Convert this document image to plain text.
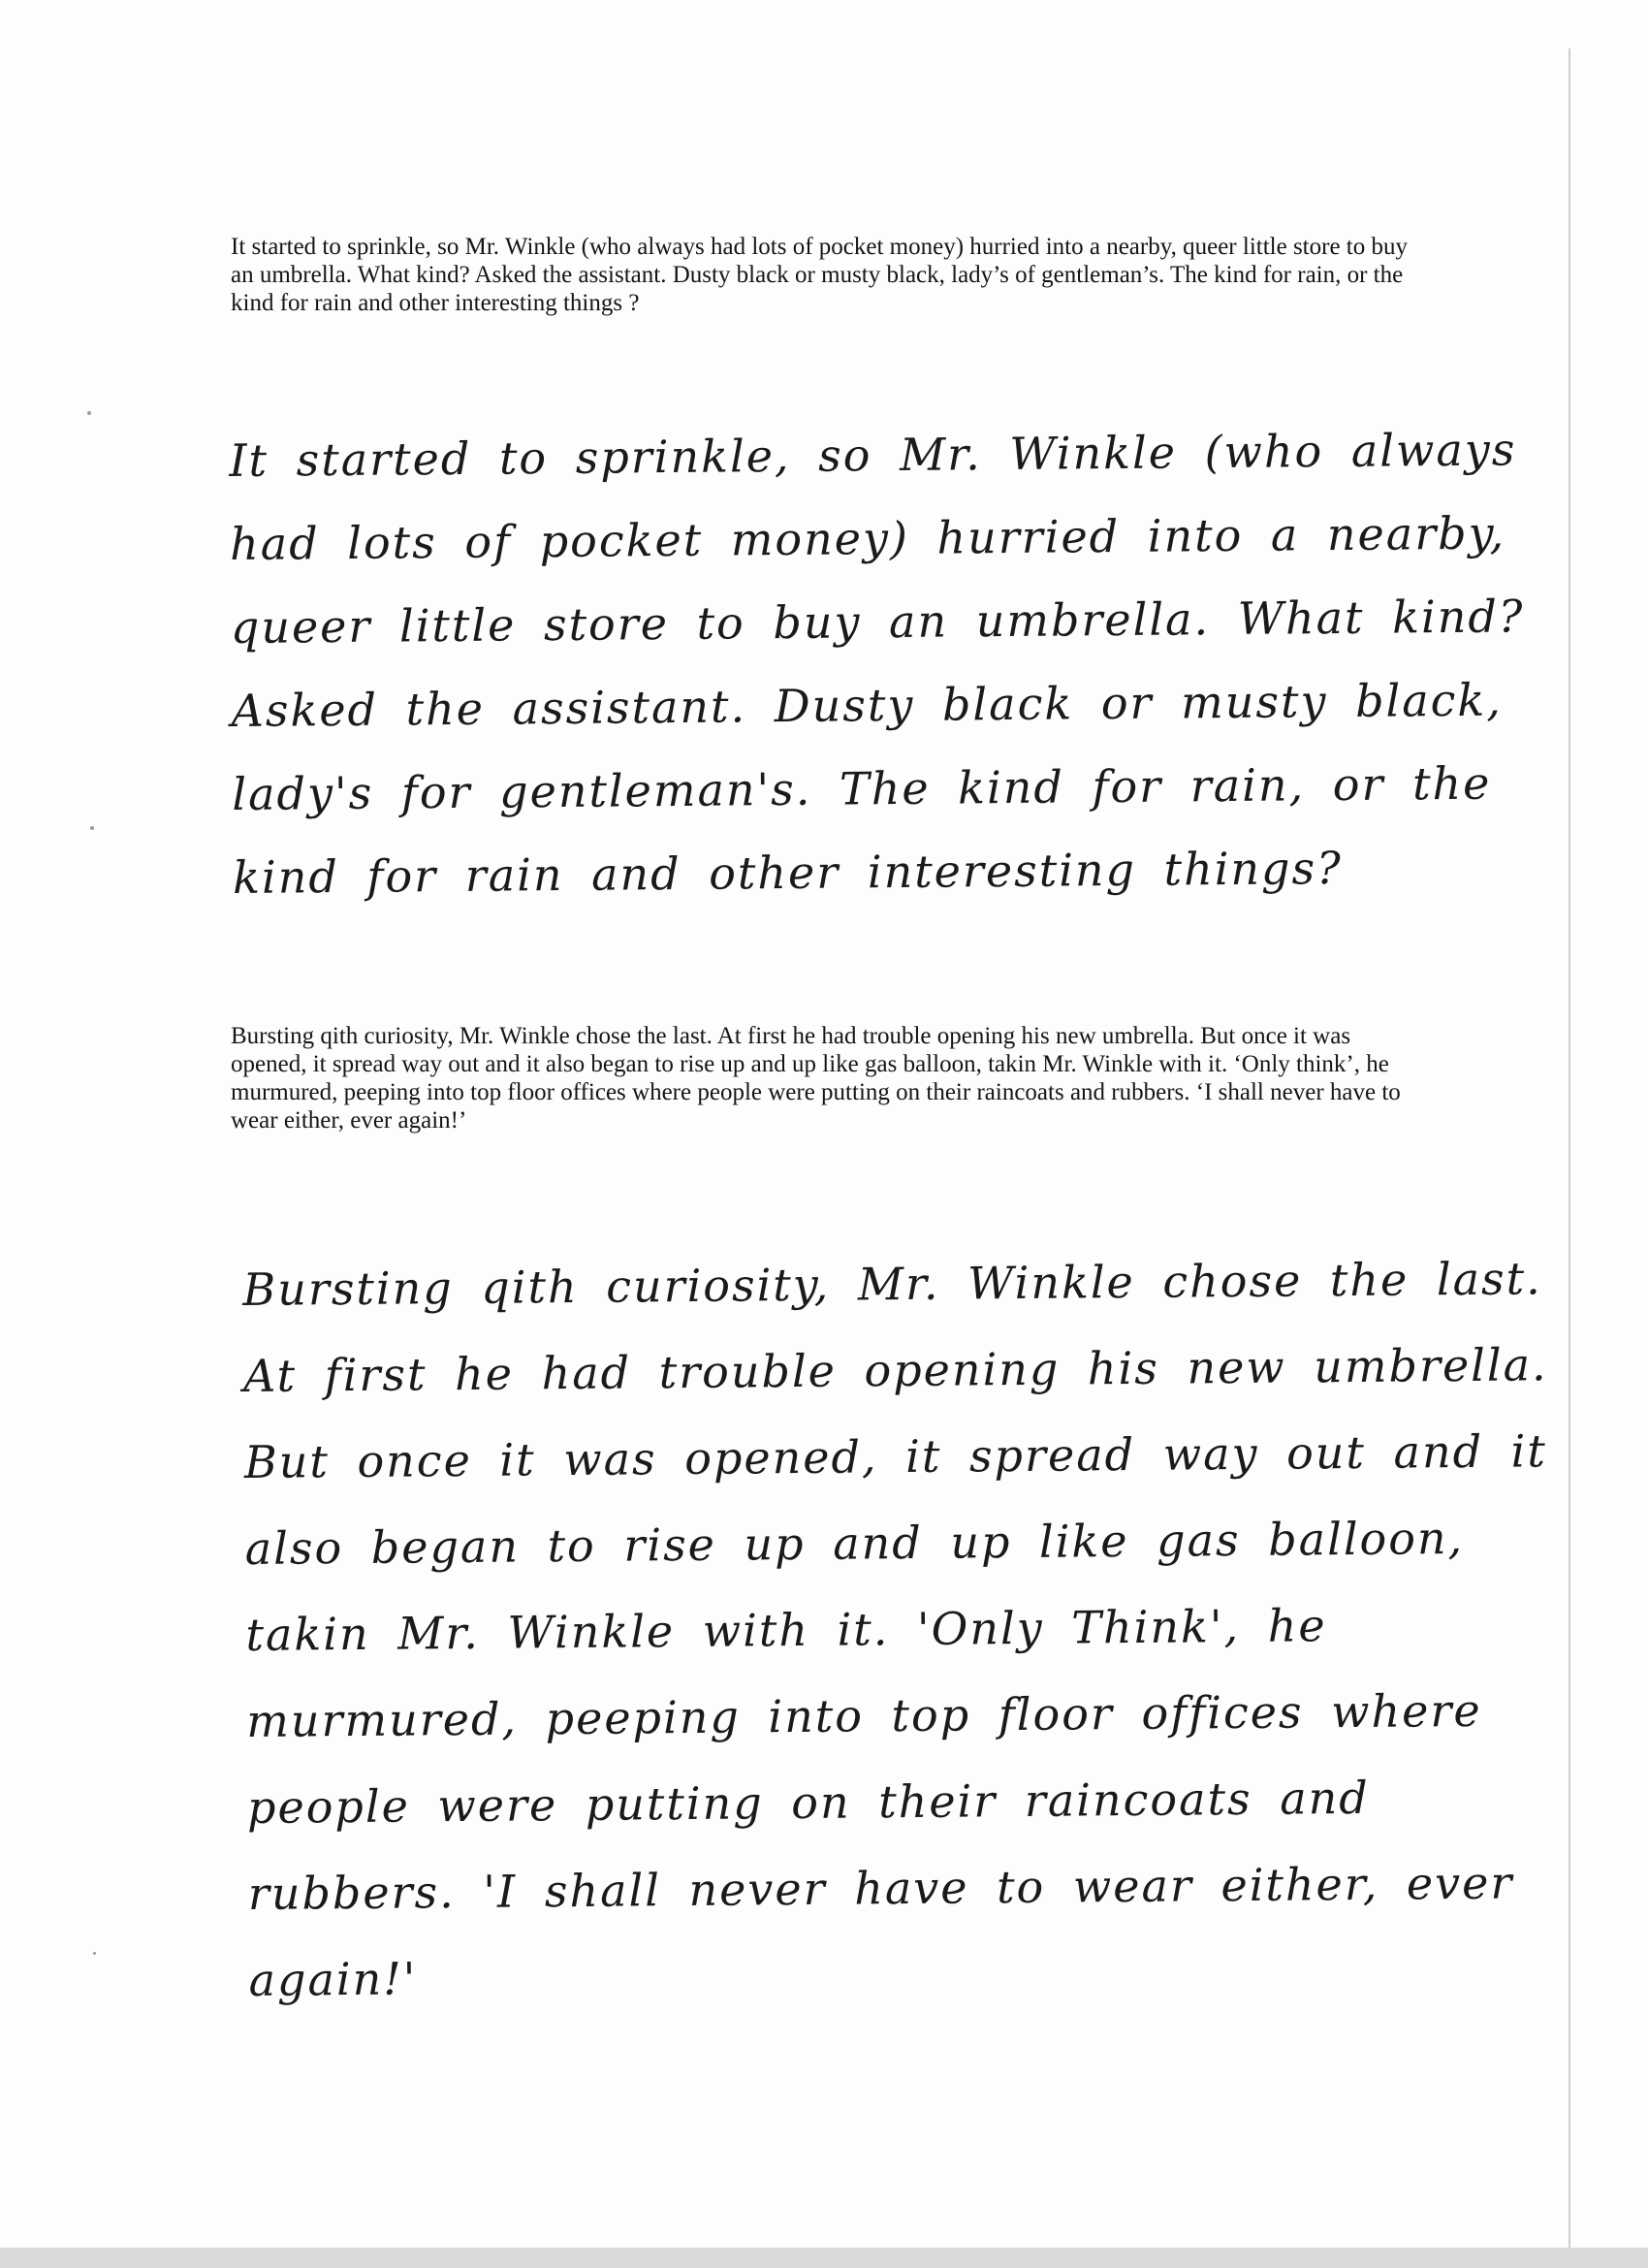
It started to sprinkle, so Mr. Winkle (who always had lots of pocket money) hurried into a nearby, queer little store to buy an umbrella. What kind? Asked the assistant. Dusty black or musty black, lady’s of gentleman’s. The kind for rain, or the kind for rain and other interesting things ?

It started to sprinkle, so Mr. Winkle (who always had lots of pocket money) hurried into a nearby, queer little store to buy an umbrella. What kind? Asked the assistant. Dusty black or musty black, lady's for gentleman's. The kind for rain, or the kind for rain and other interesting things?

Bursting qith curiosity, Mr. Winkle chose the last. At first he had trouble opening his new umbrella. But once it was opened, it spread way out and it also began to rise up and up like gas balloon, takin Mr. Winkle with it. ‘Only think’, he murmured, peeping into top floor offices where people were putting on their raincoats and rubbers. ‘I shall never have to wear either, ever again!’

Bursting qith curiosity, Mr. Winkle chose the last. At first he had trouble opening his new umbrella. But once it was opened, it spread way out and it also began to rise up and up like gas balloon, takin Mr. Winkle with it. 'Only Think', he murmured, peeping into top floor offices where people were putting on their raincoats and rubbers. 'I shall never have to wear either, ever again!'
